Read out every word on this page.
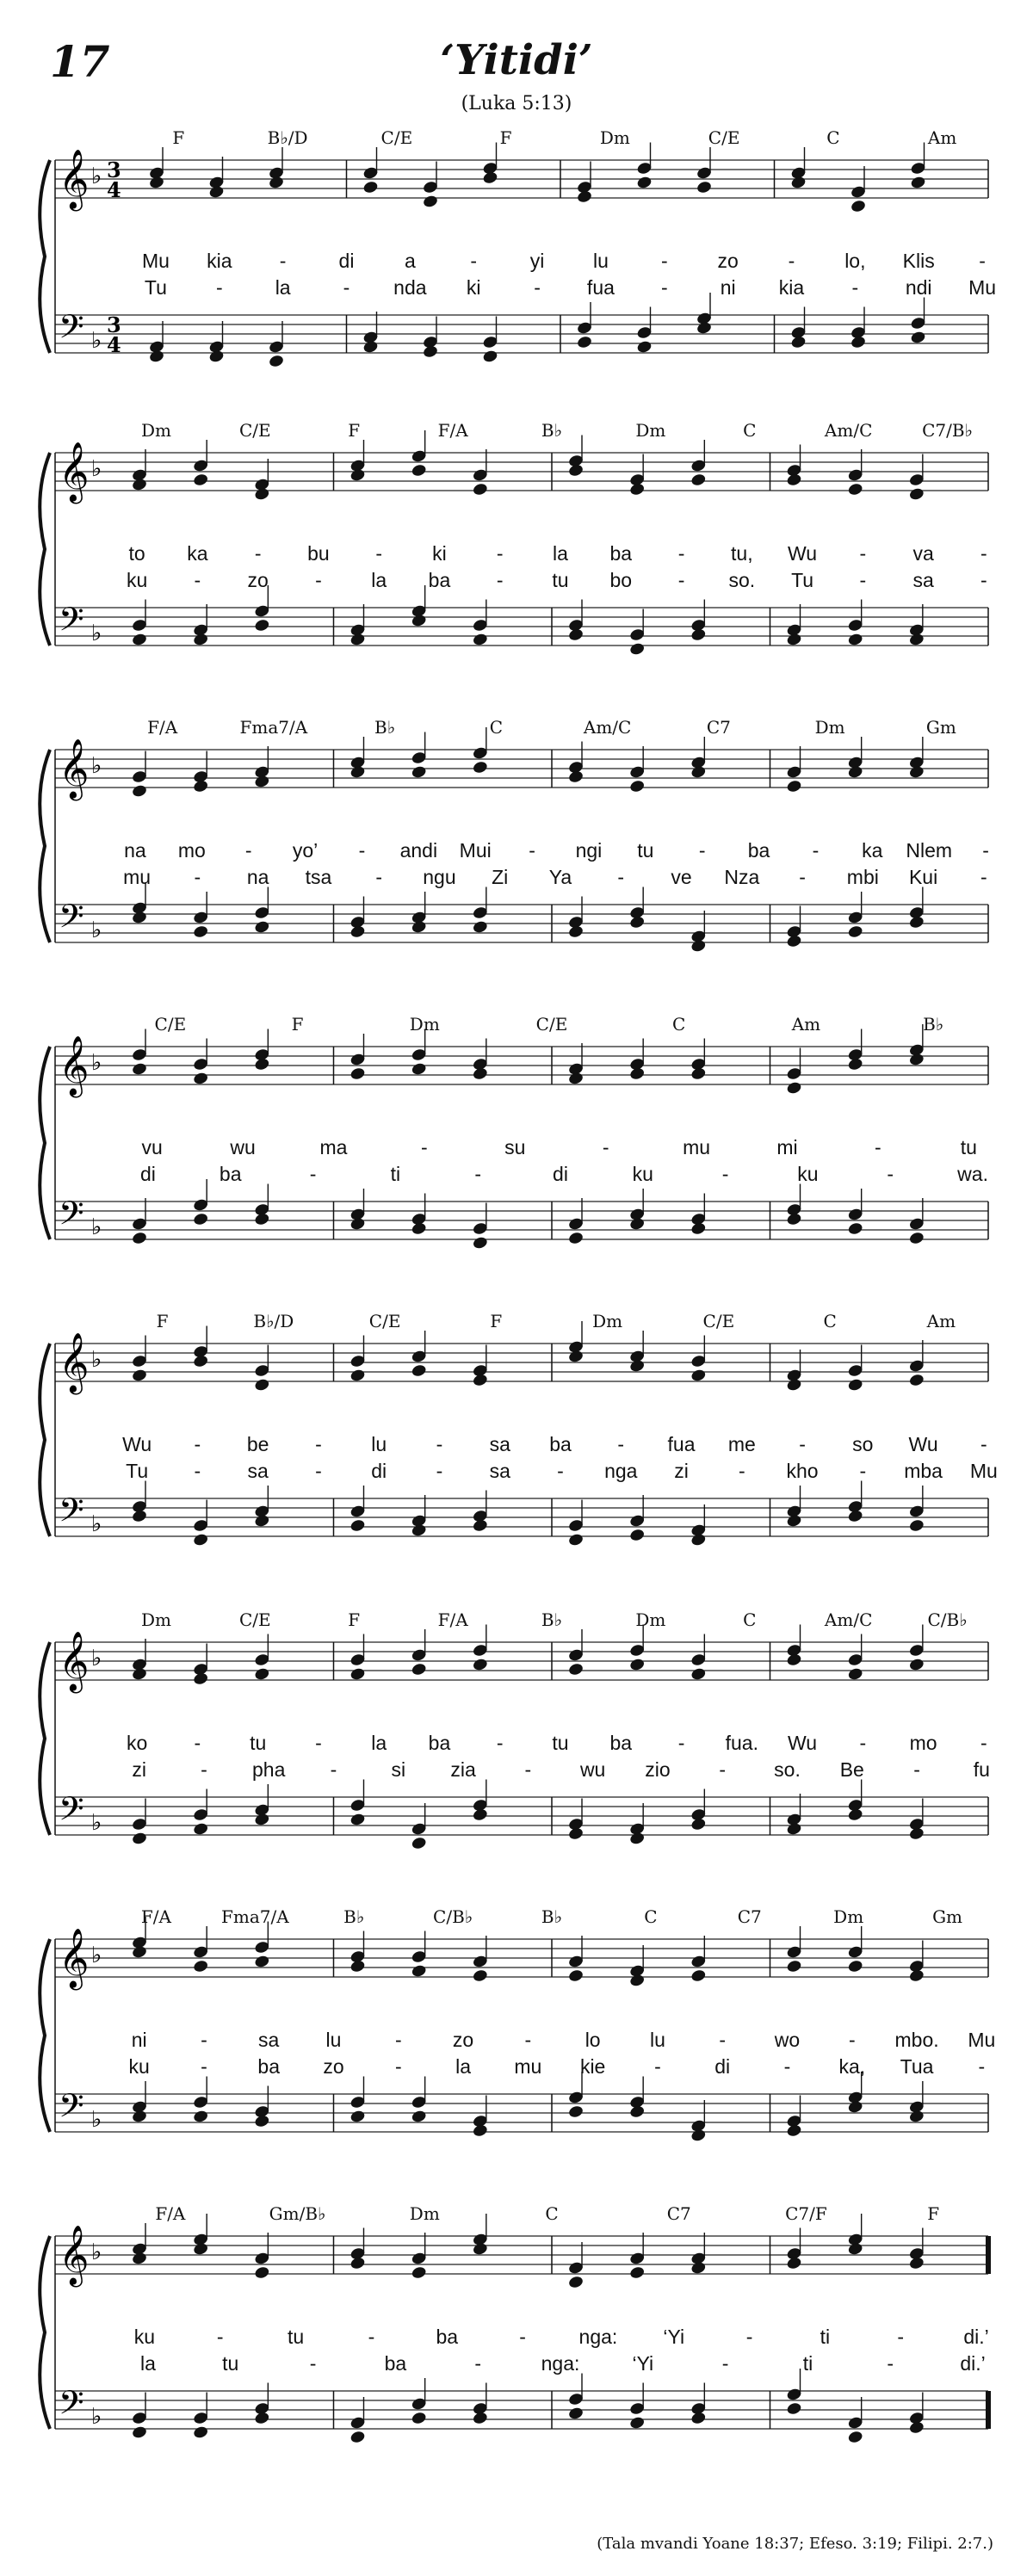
17	‘Yitidi’
(Luka 5:13)
𝄞 ♭ 3
4
𝄢 ♭
3
4
F	B♭/D	C/E	F	Dm	C/E	C	Am
Mu kia -	di	a	-	yi lu	-	zo	-	lo, Klis -
Tu -	la	- nda ki	- fua -	ni kia - ndi Mu
𝄞 ♭
𝄢 ♭
Dm	C/E	F	F/A	B♭	Dm	C	Am/C	C7/B♭
to ka - bu -	ki	- la ba - tu, Wu - va -
ku - zo - la ba - tu bo - so. Tu - sa -
𝄞 ♭
𝄢 ♭
F/A	Fma7/A	B♭	C	Am/C	C7	Dm	Gm
na mo - yo’ - andi Mui - ngi tu - ba - ka Nlem -
mu - na tsa - ngu Zi Ya - ve Nza - mbi Kui -
𝄞 ♭
𝄢 ♭
C/E	F	Dm	C/E	C	Am	B♭
vu	wu	ma	-	su	-	mu	mi	-	tu
di	ba	-	ti	-	di	ku	-	ku	-	wa.
𝄞 ♭
𝄢 ♭
F	B♭/D	C/E	F	Dm	C/E	C	Am
Wu - be - lu - sa ba - fua me - so Wu -
Tu - sa - di - sa - nga zi	- kho - mba Mu
𝄞 ♭
𝄢 ♭
Dm	C/E	F	F/A	B♭	Dm	C	Am/C	C/B♭
ko - tu - la ba - tu ba - fua. Wu - mo -
zi	- pha -	si zia - wu zio - so. Be -	fu
𝄞 ♭
𝄢 ♭
F/A	Fma7/A	B♭	C/B♭	B♭	C	C7	Dm	Gm
ni	-	sa lu	-	zo	-	lo lu	- wo - mbo. Mu
ku	-	ba zo	-	la mu kie -	di	- ka, Tua -
𝄞 ♭
𝄢 ♭
F/A	Gm/B♭	Dm	C	C7	C7/F	F
ku	-	tu	-	ba	-	nga: ‘Yi	-	ti	-	di.’
la	tu	-	ba	-	nga:	‘Yi	-	ti	-	di.’
(Tala mvandi Yoane 18:37; Efeso. 3:19; Filipi. 2:7.)
